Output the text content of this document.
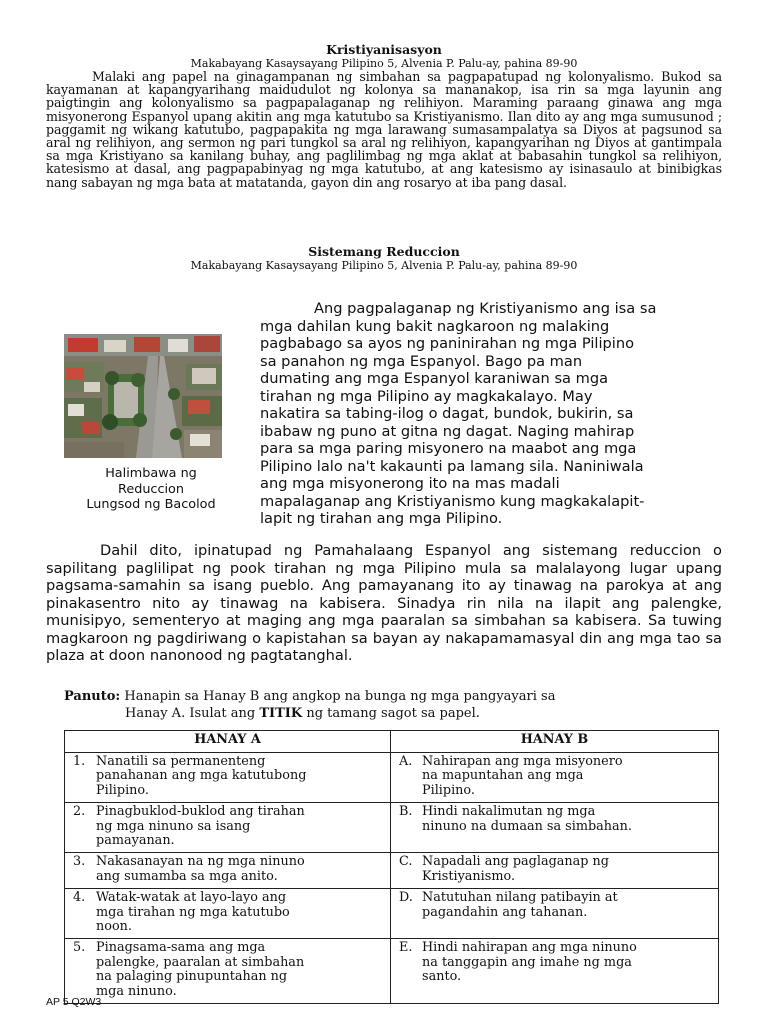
Kristiyanisasyon

Makabayang Kasaysayang Pilipino 5, Alvenia P. Palu-ay, pahina 89-90

Malaki ang papel na ginagampanan ng simbahan sa pagpapatupad ng kolonyalismo. Bukod sa kayamanan at kapangyarihang maidudulot ng kolonya sa mananakop, isa rin sa mga layunin ang paigtingin ang kolonyalismo sa pagpapalaganap ng relihiyon. Maraming paraang ginawa ang mga misyonerong Espanyol upang akitin ang mga katutubo sa Kristiyanismo. Ilan dito ay ang mga sumusunod ; paggamit ng wikang katutubo, pagpapakita ng mga larawang sumasampalatya sa Diyos at pagsunod sa aral ng relihiyon, ang sermon ng pari tungkol sa aral ng relihiyon, kapangyarihan ng Diyos at gantimpala sa mga Kristiyano sa kanilang buhay, ang paglilimbag ng mga aklat at babasahin tungkol sa relihiyon, katesismo at dasal, ang pagpapabinyag ng mga katutubo, at ang katesismo ay isinasaulo at binibigkas nang sabayan ng mga bata at matatanda, gayon din ang rosaryo at iba pang dasal.

Sistemang Reduccion

Makabayang Kasaysayang Pilipino 5, Alvenia P. Palu-ay, pahina 89-90

Halimbawa ng
Reduccion
Lungsod ng Bacolod

Ang pagpalaganap ng Kristiyanismo ang isa sa
mga dahilan kung bakit nagkaroon ng malaking
pagbabago sa ayos ng paninirahan ng mga Pilipino
sa panahon ng mga Espanyol. Bago pa man
dumating ang mga Espanyol karaniwan sa mga
tirahan ng mga Pilipino ay magkakalayo. May
nakatira sa tabing-ilog o dagat, bundok, bukirin, sa
ibabaw ng puno at gitna ng dagat. Naging mahirap
para sa mga paring misyonero na maabot ang mga
Pilipino lalo na't kakaunti pa lamang sila. Naniniwala
ang mga misyonerong ito na mas madali
mapalaganap ang Kristiyanismo kung magkakalapit-
lapit ng tirahan ang mga Pilipino.

Dahil dito, ipinatupad ng Pamahalaang Espanyol ang sistemang reduccion o sapilitang paglilipat ng pook tirahan ng mga Pilipino mula sa malalayong lugar upang pagsama-samahin sa isang pueblo. Ang pamayanang ito ay tinawag na parokya at ang pinakasentro nito ay tinawag na kabisera. Sinadya rin nila na ilapit ang palengke, munisipyo, sementeryo at maging ang mga paaralan sa simbahan sa kabisera. Sa tuwing magkaroon ng pagdiriwang o kapistahan sa bayan ay nakapamamasyal din ang mga tao sa plaza at doon nanonood ng pagtatanghal.

Panuto: Hanapin sa Hanay B ang angkop na bunga ng mga pangyayari sa
Hanay A. Isulat ang TITIK ng tamang sagot sa papel.

HANAY A	HANAY B

1. Nanatili sa permanenteng
panahanan ang mga katutubong
Pilipino.	A. Nahirapan ang mga misyonero
na mapuntahan ang mga
Pilipino.

2. Pinagbuklod-buklod ang tirahan
ng mga ninuno sa isang
pamayanan.	B. Hindi nakalimutan ng mga
ninuno na dumaan sa simbahan.

3. Nakasanayan na ng mga ninuno
ang sumamba sa mga anito.	C. Napadali ang paglaganap ng
Kristiyanismo.

4. Watak-watak at layo-layo ang
mga tirahan ng mga katutubo
noon.	D. Natutuhan nilang patibayin at
pagandahin ang tahanan.

5. Pinagsama-sama ang mga
palengke, paaralan at simbahan
na palaging pinupuntahan ng
mga ninuno.	E. Hindi nahirapan ang mga ninuno
na tanggapin ang imahe ng mga
santo.

AP 5 Q2W3
